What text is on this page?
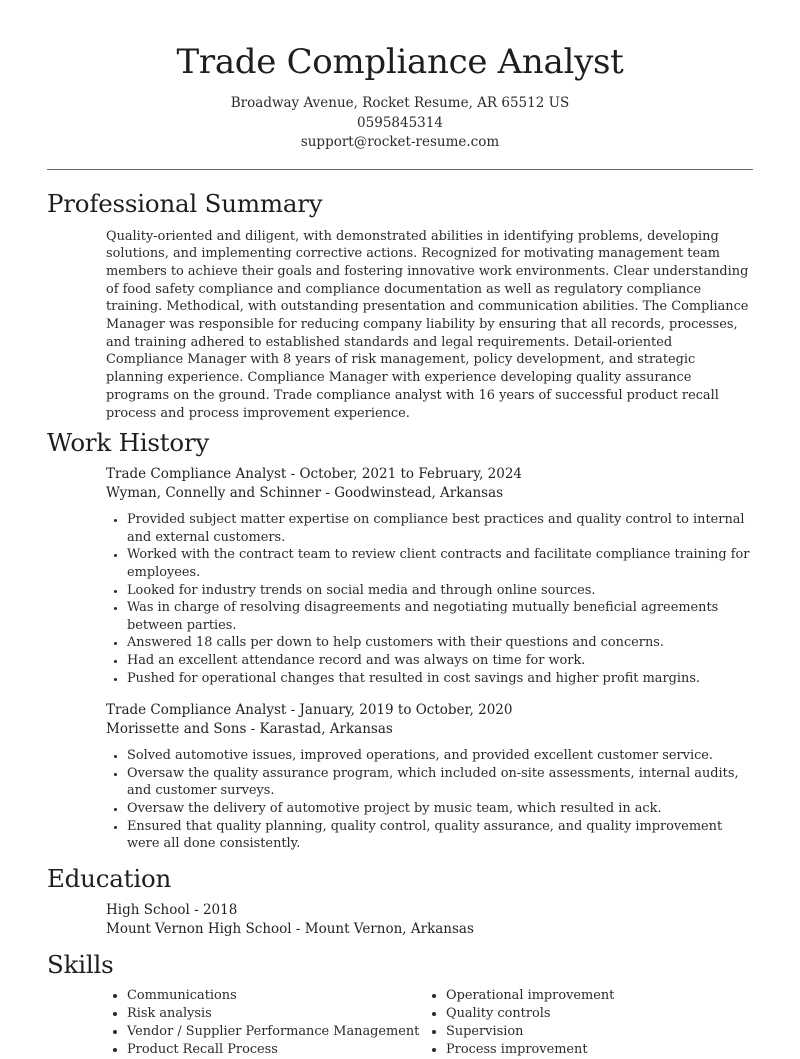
Trade Compliance Analyst
Broadway Avenue, Rocket Resume, AR 65512 US
0595845314
support@rocket-resume.com
Professional Summary

Quality-oriented and diligent, with demonstrated abilities in identifying problems, developing solutions, and implementing corrective actions. Recognized for motivating management team members to achieve their goals and fostering innovative work environments. Clear understanding of food safety compliance and compliance documentation as well as regulatory compliance training. Methodical, with outstanding presentation and communication abilities. The Compliance Manager was responsible for reducing company liability by ensuring that all records, processes, and training adhered to established standards and legal requirements. Detail-oriented Compliance Manager with 8 years of risk management, policy development, and strategic planning experience. Compliance Manager with experience developing quality assurance programs on the ground. Trade compliance analyst with 16 years of successful product recall process and process improvement experience.

Work History
Trade Compliance Analyst - October, 2021 to February, 2024
Wyman, Connelly and Schinner - Goodwinstead, Arkansas
• Provided subject matter expertise on compliance best practices and quality control to internal and external customers.
• Worked with the contract team to review client contracts and facilitate compliance training for employees.
• Looked for industry trends on social media and through online sources.
• Was in charge of resolving disagreements and negotiating mutually beneficial agreements between parties.
• Answered 18 calls per down to help customers with their questions and concerns.
• Had an excellent attendance record and was always on time for work.
• Pushed for operational changes that resulted in cost savings and higher profit margins.
Trade Compliance Analyst - January, 2019 to October, 2020
Morissette and Sons - Karastad, Arkansas
• Solved automotive issues, improved operations, and provided excellent customer service.
• Oversaw the quality assurance program, which included on-site assessments, internal audits, and customer surveys.
• Oversaw the delivery of automotive project by music team, which resulted in ack.
• Ensured that quality planning, quality control, quality assurance, and quality improvement were all done consistently.
Education
High School - 2018
Mount Vernon High School - Mount Vernon, Arkansas
Skills
• Communications
• Risk analysis
• Vendor / Supplier Performance Management
• Product Recall Process
• Operational improvement
• Quality controls
• Supervision
• Process improvement
